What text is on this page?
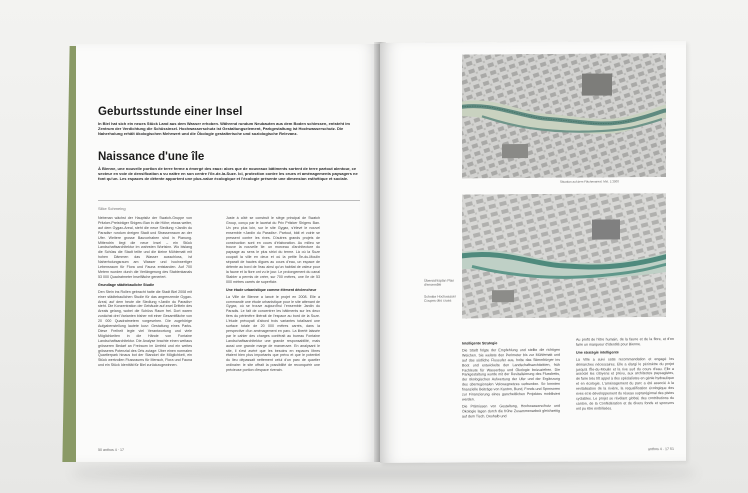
Geburtsstunde einer Insel
In Biel hat sich ein neues Stück Land aus dem Wasser erhoben. Während rundum Neubauten aus dem Boden schiessen, entsteht im Zentrum der Verdichtung die Schüssinsel. Hochwasserschutz ist Gestaltungselement, Parkgestaltung ist Hochwasserschutz. Die Naherholung erhält ökologischen Mehrwert und die Ökologie gestalterische und soziologische Relevanz.
Naissance d'une île
À Bienne, une nouvelle portion de terre ferme a émergé des eaux: alors que de nouveaux bâtiments sortent de terre partout alentour, ce secteur en voie de densification a vu naître en son centre l'île-de-la-Suze. Ici, protection contre les crues et aménagements paysagers ne font qu'un. Les espaces de détente apportent une plus-value écologique et l'écologie présente une dimension esthétique et sociale.
Silke Schmeing

Nebenan wächst der Hauptsitz der Swatch-Gruppe von Pritzker-Preisträger Shigeru Ban in die Höhe; etwas weiter, auf dem Gygax-Areal, steht die neue Siedlung «Jardin du Paradis» rundum dreigen Stadt und Strassenraum an der Ufer. Weitere grosse Bauvorhaben sind in Planung. Mittendrin liegt die neue Insel – ein Stück Landschaftsarchitektur im wahrsten Wortsinn. Wo bislang die Schüss die Stadt teilte und die kleine Mühlematt mit hohen Dämmen das Wasser ausschloss, ist Naherholungsraum am Wasser und hochwertiger Lebensraum für Flora und Fauna entstanden. Auf 700 Metern wurden durch die Verlängerung des Stablenkanals 53 000 Quadratmeter Inselfläche generiert.

Grundlage städtebauliche Studie

Den Stein ins Rollen gebracht hatte die Stadt Biel 2008 mit einer städtebaulichen Studie für das angrenzende Gygax-Areal, auf dem heute die Siedlung «Jardin du Paradis» steht. Die Konzentration der Gebäude auf zwei Dritteln des Areals gelang, wobei die Schüss Raum frei. Dort waren zunächst drei Varianten bisher mit einer Gesamtfläche von 20 000 Quadratmetern vorgesehen. Die zugehörige Aufgabenstellung lautete kurz: Gestaltung eines Parks. Diese Freiheit legte viel Verantwortung und viele Möglichkeiten in die Hände von Fontaine Landschaftsarchitektur. Die Analyse brachte einen weitaus grösseren Bedarf an Freiraum im Umfeld und ein weites grösseres Potenzial des Orts zutage: Über einen normalen Quartierpark hinaus bot der Standort die Möglichkeit, ein Stück wertvollen Flussraums für Mensch, Flora und Fauna und ein Stück Identität für Biel zurückzugewinnen.

Juste à côté se construit le siège principal de Swatch Group, conçu par le lauréat du Prix Pritzker Shigeru Ban. Un peu plus loin, sur le site Gygax, s'élevé le nouvel ensemble «Jardin du Paradis». Partout, bâti et voirie se pressent contre les rives. D'autres grands projets de construction sont en cours d'élaboration. Au milieu se trouve la nouvelle île: un morceau d'architecture du paysage au sens le plus strict du terme. Là où la Suze coupait la ville en deux et où la petite Île-du-Moulin séparait de hautes digues au cours d'eau, un espace de détente au bord de l'eau ainsi qu'un habitat de valeur pour la faune et la flore ont vu le jour. Le prolongement du canal Stabler a permis de créer, sur 700 mètres, une île de 53 000 mètres carrés de superficie.

Une étude urbanistique comme élément déclencheur

La Ville de Bienne a lancé le projet en 2008. Elle a commandé une étude urbanistique pour le site attenant de Gygax, où se trouve aujourd'hui l'ensemble Jardin du Paradis. Le fait de concentrer les bâtiments sur les deux tiers du périmètre libérait de l'espace au bord de la Suze. L'étude prévoyait d'abord trois variantes totalisant une surface totale de 20 000 mètres carrés, dans la perspective d'un aménagement en parc. La liberté laissée par le cahier des charges conférait au bureau Fontaine Landschaftsarchitektur une grande responsabilité, mais aussi une grande marge de manœuvre. En analysant le site, il s'est avéré que les besoins en espaces libres étaient bien plus importants que prévu et que le potentiel du lieu dépassait nettement celui d'un parc de quartier ordinaire: le site offrait la possibilité de reconquérir une précieuse portion d'espace riverain.

50 anthos 4 · 17
Situation auf dem Flächenareal. Mst. 1:3500
Übersichtsplan Plan d'ensemble
Schnitte Hochwasser Coupes des crues

Intelligente Strategie

Die Stadt folgte der Empfehlung und stellte die richtigen Weichen. Sie weitete den Perimeter bis zur Mühlematt und auf das südliche Flussufer aus, holte das Stimmbürger ins Boot und entwickelte den Landschaftsarchitekten, früh Fachleute für Wasserbau und Ökologie beizuziehen. Die Parkgestaltung wurde mit der Revitalisierung des Flussbetts, der ökologischen Aufwertung der Ufer und der Ergänzung des überregionalen Velowegnetzes verbunden. So konnten finanzielle Beiträge von Kanton, Bund, Fonds und Sponsoren zur Finanzierung eines ganzheitlichen Projektes mobilisiert werden.

Die Prämissen von Gestaltung, Hochwasserschutz und Ökologie lagen durch die frühe Zusammenarbeit gleichzeitig auf dem Tisch. Deshalb und

Au profit de l'être humain, de la faune et de la flore, et d'en faire un marqueur d'identité pour Bienne.

Une stratégie intelligente

La Ville a suivi cette recommandation et engagé les démarches nécessaires. Elle a élargi le périmètre du projet jusqu'à l'Île-du-Moulin et la rive sud du cours d'eau. Elle a associé les citoyens et prévu, aux architectes paysagistes, de faire très tôt appel à des spécialistes en génie hydraulique et en écologie. L'aménagement du parc a été associé à la revitalisation de la rivière, la requalification écologique des rives et le développement du réseau suprarégional des pistes cyclables. Le projet se révélant global, des contributions du canton, de la Confédération et de divers fonds et sponsors ont pu être mobilisées.

anthos 4 · 17 51
